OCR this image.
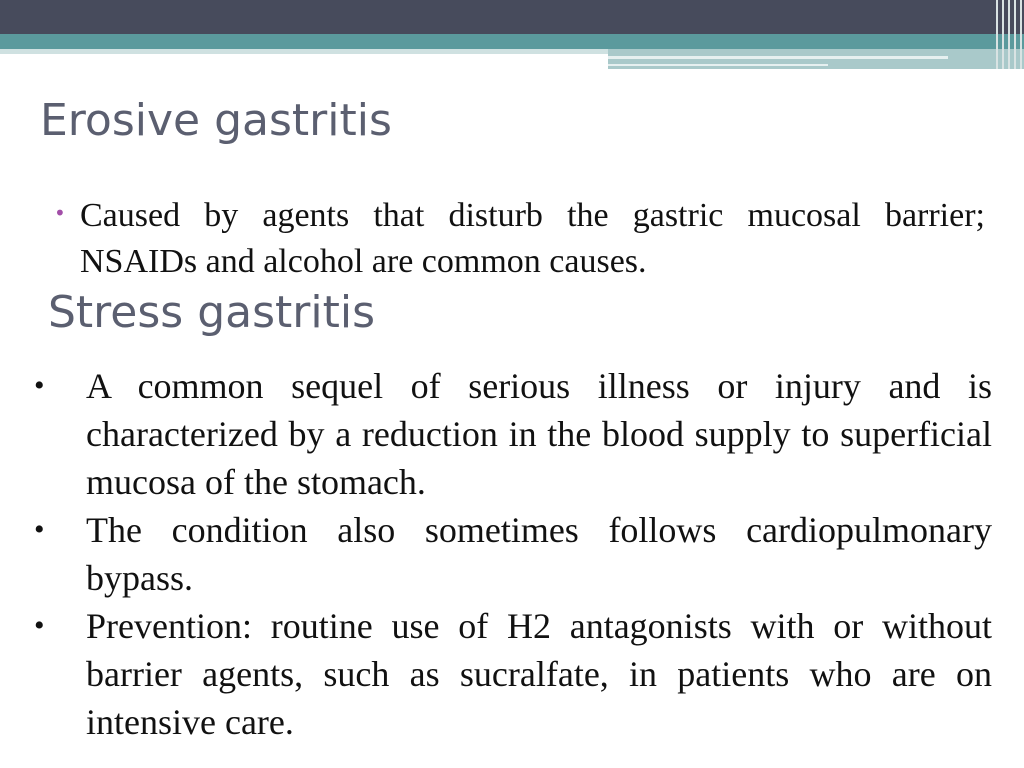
Erosive gastritis
• Caused by agents that disturb the gastric mucosal barrier; NSAIDs and alcohol are common causes.
Stress gastritis
• A common sequel of serious illness or injury and is characterized by a reduction in the blood supply to superficial mucosa of the stomach.
• The condition also sometimes follows cardiopulmonary bypass.
• Prevention: routine use of H2 antagonists with or without barrier agents, such as sucralfate, in patients who are on intensive care.
